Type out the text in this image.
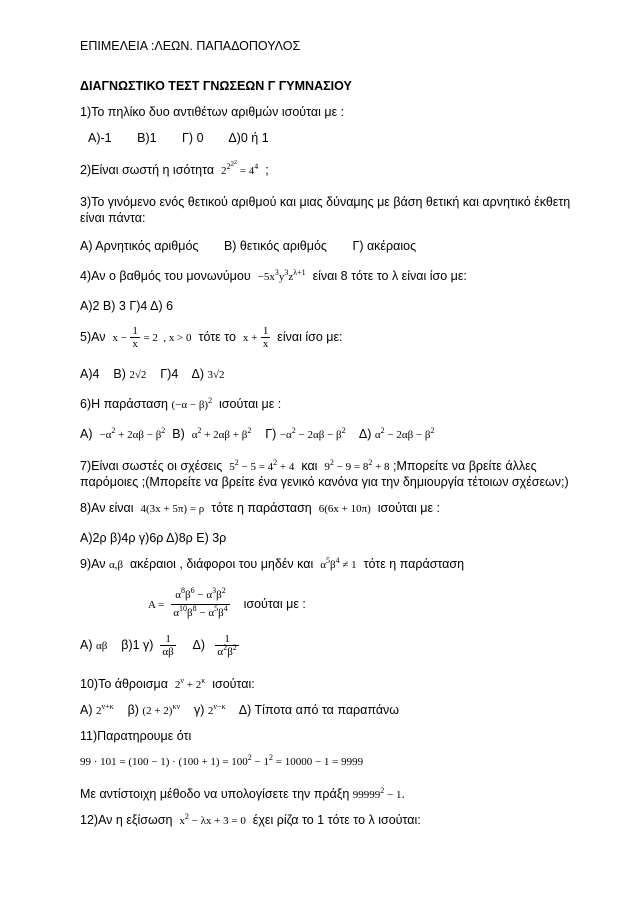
ΕΠΙΜΕΛΕΙΑ :ΛΕΩΝ. ΠΑΠΑΔΟΠΟΥΛΟΣ
ΔΙΑΓΝΩΣΤΙΚΟ ΤΕΣΤ ΓΝΩΣΕΩΝ Γ ΓΥΜΝΑΣΙΟΥ
1)Το πηλίκο δυο αντιθέτων αριθμών ισούται με :
Α)-1 Β)1 Γ) 0 Δ)0 ή 1
2)Είναι σωστή η ισότητα $2^{222} = 4^4$ ;
3)Το γινόμενο ενός θετικού αριθμού και μιας δύναμης με βάση θετική και αρνητικό έκθετη
είναι πάντα:
Α) Αρνητικός αριθμός Β) θετικός αριθμός Γ) ακέραιος
4)Αν ο βαθμός του $\mu o\nu\omega\nu ύ\mu o\upsilon -5x^3y^3z^{\lambda+1}$ είναι 8 τότε το λ είναι ίσο με:
Α)2 Β) 3 Γ)4 Δ) 6
5)Αν $x - \frac{1}{x} = 2$  , x > 0 τότε το $x + \frac{1}{x}$ είναι ίσο με:
Α)4 Β) 2√2 Γ)4 Δ) 3√2
6)Η παράσταση $(-\alpha - \beta)^2$ ισούται με :
$A) -\alpha^2 + 2\alpha\beta - \beta^2$ Β) $\alpha^2 + 2\alpha\beta + \beta^2$ $\Gamma) -\alpha^2 - 2\alpha\beta - \beta^2$ Δ) $\alpha^2 - 2\alpha\beta - \beta^2$
7)Είναι σωστές οι σχέσεις $5^2 - 5 = 4^2 + 4$ και $9^2 - 9 = 8^2 + 8$ ;Μπορείτε να βρείτε άλλες
παρόμοιες ;(Μπορείτε να βρείτε ένα γενικό κανόνα για την δημιουργία τέτοιων σχέσεων;)
8)Αν είναι 4(3x + 5π) = ρ τότε η παράσταση 6(6x + 10π) ισούται με :
Α)2ρ β)4ρ γ)6ρ Δ)8ρ Ε) 3ρ
9)Αν α,β ακέραιοι , διάφοροι του μηδέν και $\alpha^5\beta^4 \ne 1$ τότε η παράσταση
$A = \frac{\alpha^8\beta^6 - \alpha^3\beta^2}{\alpha^{10}\beta^8 - \alpha^5\beta^4}$ ισούται με :
Α) αβ β)1 $\gamma) \frac{1}{\alpha\beta} \Delta) \frac{1}{\alpha^2\beta^2}$
10)Το άθροισμα $2^\nu + 2^\kappa$ ισούται:
Α) $2^{\nu+\kappa}$ β) $(2 + 2)^{\kappa\nu}$ γ) $2^{\nu-\kappa}$ Δ) Τίποτα από τα παραπάνω
11)Παρατηρουμε ότι
$99 \cdot 101 = (100 - 1) \cdot (100 + 1) = 100^2 - 1^2 = 10000 - 1 = 9999$
Με αντίστοιχη μέθοδο να υπολογίσετε την πράξη $99999^2 - 1$.
12)Αν η εξίσωση $x^2 - \lambda x + 3 = 0$ έχει ρίζα το 1 τότε το λ ισούται:
